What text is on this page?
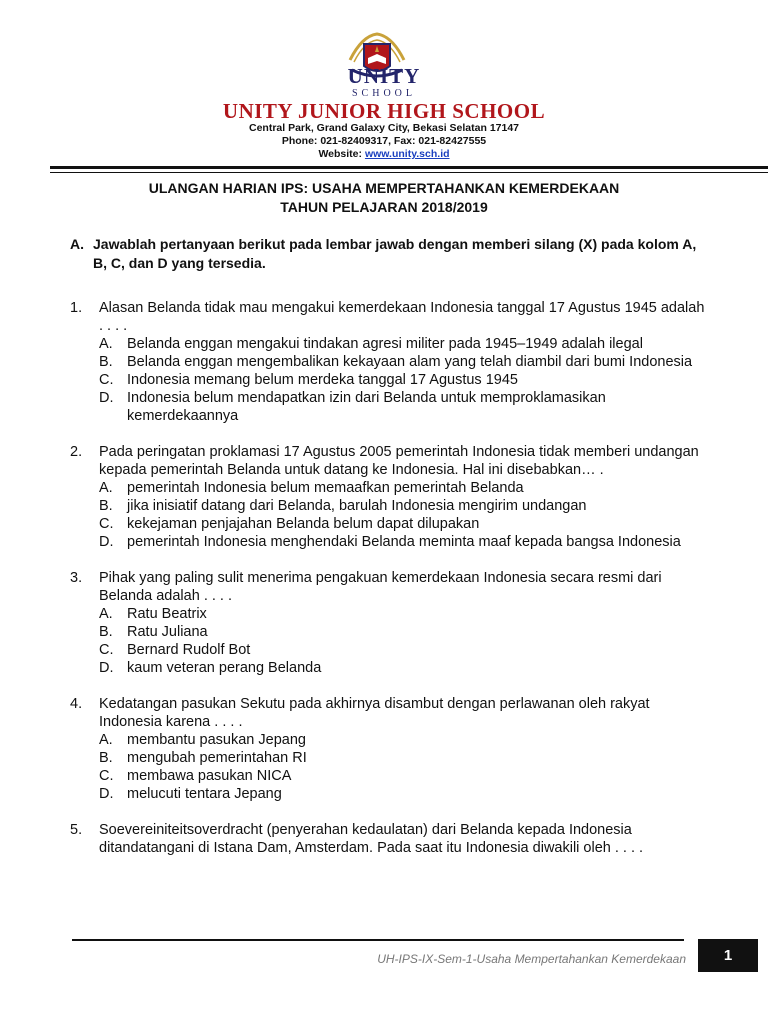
UNITY
SCHOOL
UNITY JUNIOR HIGH SCHOOL
Central Park, Grand Galaxy City, Bekasi Selatan 17147
Phone: 021-82409317, Fax: 021-82427555
Website: www.unity.sch.id
ULANGAN HARIAN IPS: USAHA MEMPERTAHANKAN KEMERDEKAAN
TAHUN PELAJARAN 2018/2019
A. Jawablah pertanyaan berikut pada lembar jawab dengan memberi silang (X) pada kolom A, B, C, dan D yang tersedia.
1. Alasan Belanda tidak mau mengakui kemerdekaan Indonesia tanggal 17 Agustus 1945 adalah . . . .
A. Belanda enggan mengakui tindakan agresi militer pada 1945–1949 adalah ilegal
B. Belanda enggan mengembalikan kekayaan alam yang telah diambil dari bumi Indonesia
C. Indonesia memang belum merdeka tanggal 17 Agustus 1945
D. Indonesia belum mendapatkan izin dari Belanda untuk memproklamasikan kemerdekaannya
2. Pada peringatan proklamasi 17 Agustus 2005 pemerintah Indonesia tidak memberi undangan kepada pemerintah Belanda untuk datang ke Indonesia. Hal ini disebabkan… .
A. pemerintah Indonesia belum memaafkan pemerintah Belanda
B. jika inisiatif datang dari Belanda, barulah Indonesia mengirim undangan
C. kekejaman penjajahan Belanda belum dapat dilupakan
D. pemerintah Indonesia menghendaki Belanda meminta maaf kepada bangsa Indonesia
3. Pihak yang paling sulit menerima pengakuan kemerdekaan Indonesia secara resmi dari Belanda adalah . . . .
A. Ratu Beatrix
B. Ratu Juliana
C. Bernard Rudolf Bot
D. kaum veteran perang Belanda
4. Kedatangan pasukan Sekutu pada akhirnya disambut dengan perlawanan oleh rakyat Indonesia karena . . . .
A. membantu pasukan Jepang
B. mengubah pemerintahan RI
C. membawa pasukan NICA
D. melucuti tentara Jepang
5. Soevereiniteitsoverdracht (penyerahan kedaulatan) dari Belanda kepada Indonesia ditandatangani di Istana Dam, Amsterdam. Pada saat itu Indonesia diwakili oleh . . . .
UH-IPS-IX-Sem-1-Usaha Mempertahankan Kemerdekaan	1
